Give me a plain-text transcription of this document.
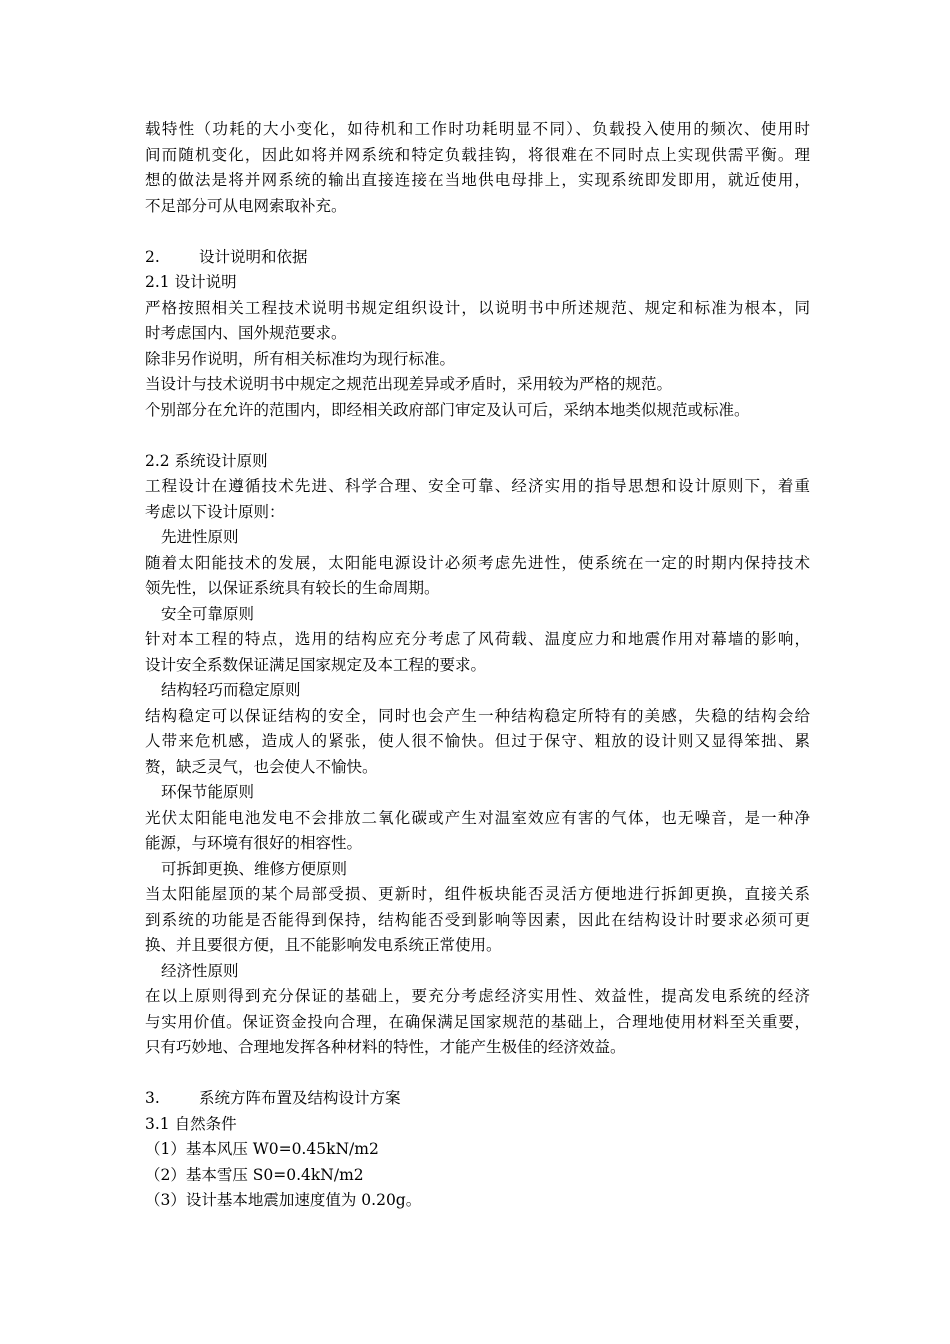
载特性（功耗的大小变化，如待机和工作时功耗明显不同）、负载投入使用的频次、使用时
间而随机变化，因此如将并网系统和特定负载挂钩，将很难在不同时点上实现供需平衡。理
想的做法是将并网系统的输出直接连接在当地供电母排上，实现系统即发即用，就近使用，
不足部分可从电网索取补充。
2.	设计说明和依据
2.1 设计说明
严格按照相关工程技术说明书规定组织设计，以说明书中所述规范、规定和标准为根本，同
时考虑国内、国外规范要求。
除非另作说明，所有相关标准均为现行标准。
当设计与技术说明书中规定之规范出现差异或矛盾时，采用较为严格的规范。
个别部分在允许的范围内，即经相关政府部门审定及认可后，采纳本地类似规范或标准。
2.2 系统设计原则
工程设计在遵循技术先进、科学合理、安全可靠、经济实用的指导思想和设计原则下，着重
考虑以下设计原则：
先进性原则
随着太阳能技术的发展，太阳能电源设计必须考虑先进性，使系统在一定的时期内保持技术
领先性，以保证系统具有较长的生命周期。
安全可靠原则
针对本工程的特点，选用的结构应充分考虑了风荷载、温度应力和地震作用对幕墙的影响，
设计安全系数保证满足国家规定及本工程的要求。
结构轻巧而稳定原则
结构稳定可以保证结构的安全，同时也会产生一种结构稳定所特有的美感，失稳的结构会给
人带来危机感，造成人的紧张，使人很不愉快。但过于保守、粗放的设计则又显得笨拙、累
赘，缺乏灵气，也会使人不愉快。
环保节能原则
光伏太阳能电池发电不会排放二氧化碳或产生对温室效应有害的气体，也无噪音，是一种净
能源，与环境有很好的相容性。
可拆卸更换、维修方便原则
当太阳能屋顶的某个局部受损、更新时，组件板块能否灵活方便地进行拆卸更换，直接关系
到系统的功能是否能得到保持，结构能否受到影响等因素，因此在结构设计时要求必须可更
换、并且要很方便，且不能影响发电系统正常使用。
经济性原则
在以上原则得到充分保证的基础上，要充分考虑经济实用性、效益性，提高发电系统的经济
与实用价值。保证资金投向合理，在确保满足国家规范的基础上，合理地使用材料至关重要，
只有巧妙地、合理地发挥各种材料的特性，才能产生极佳的经济效益。
3.	系统方阵布置及结构设计方案
3.1 自然条件
（1）基本风压 W0=0.45kN/m2
（2）基本雪压 S0=0.4kN/m2
（3）设计基本地震加速度值为 0.20g。
